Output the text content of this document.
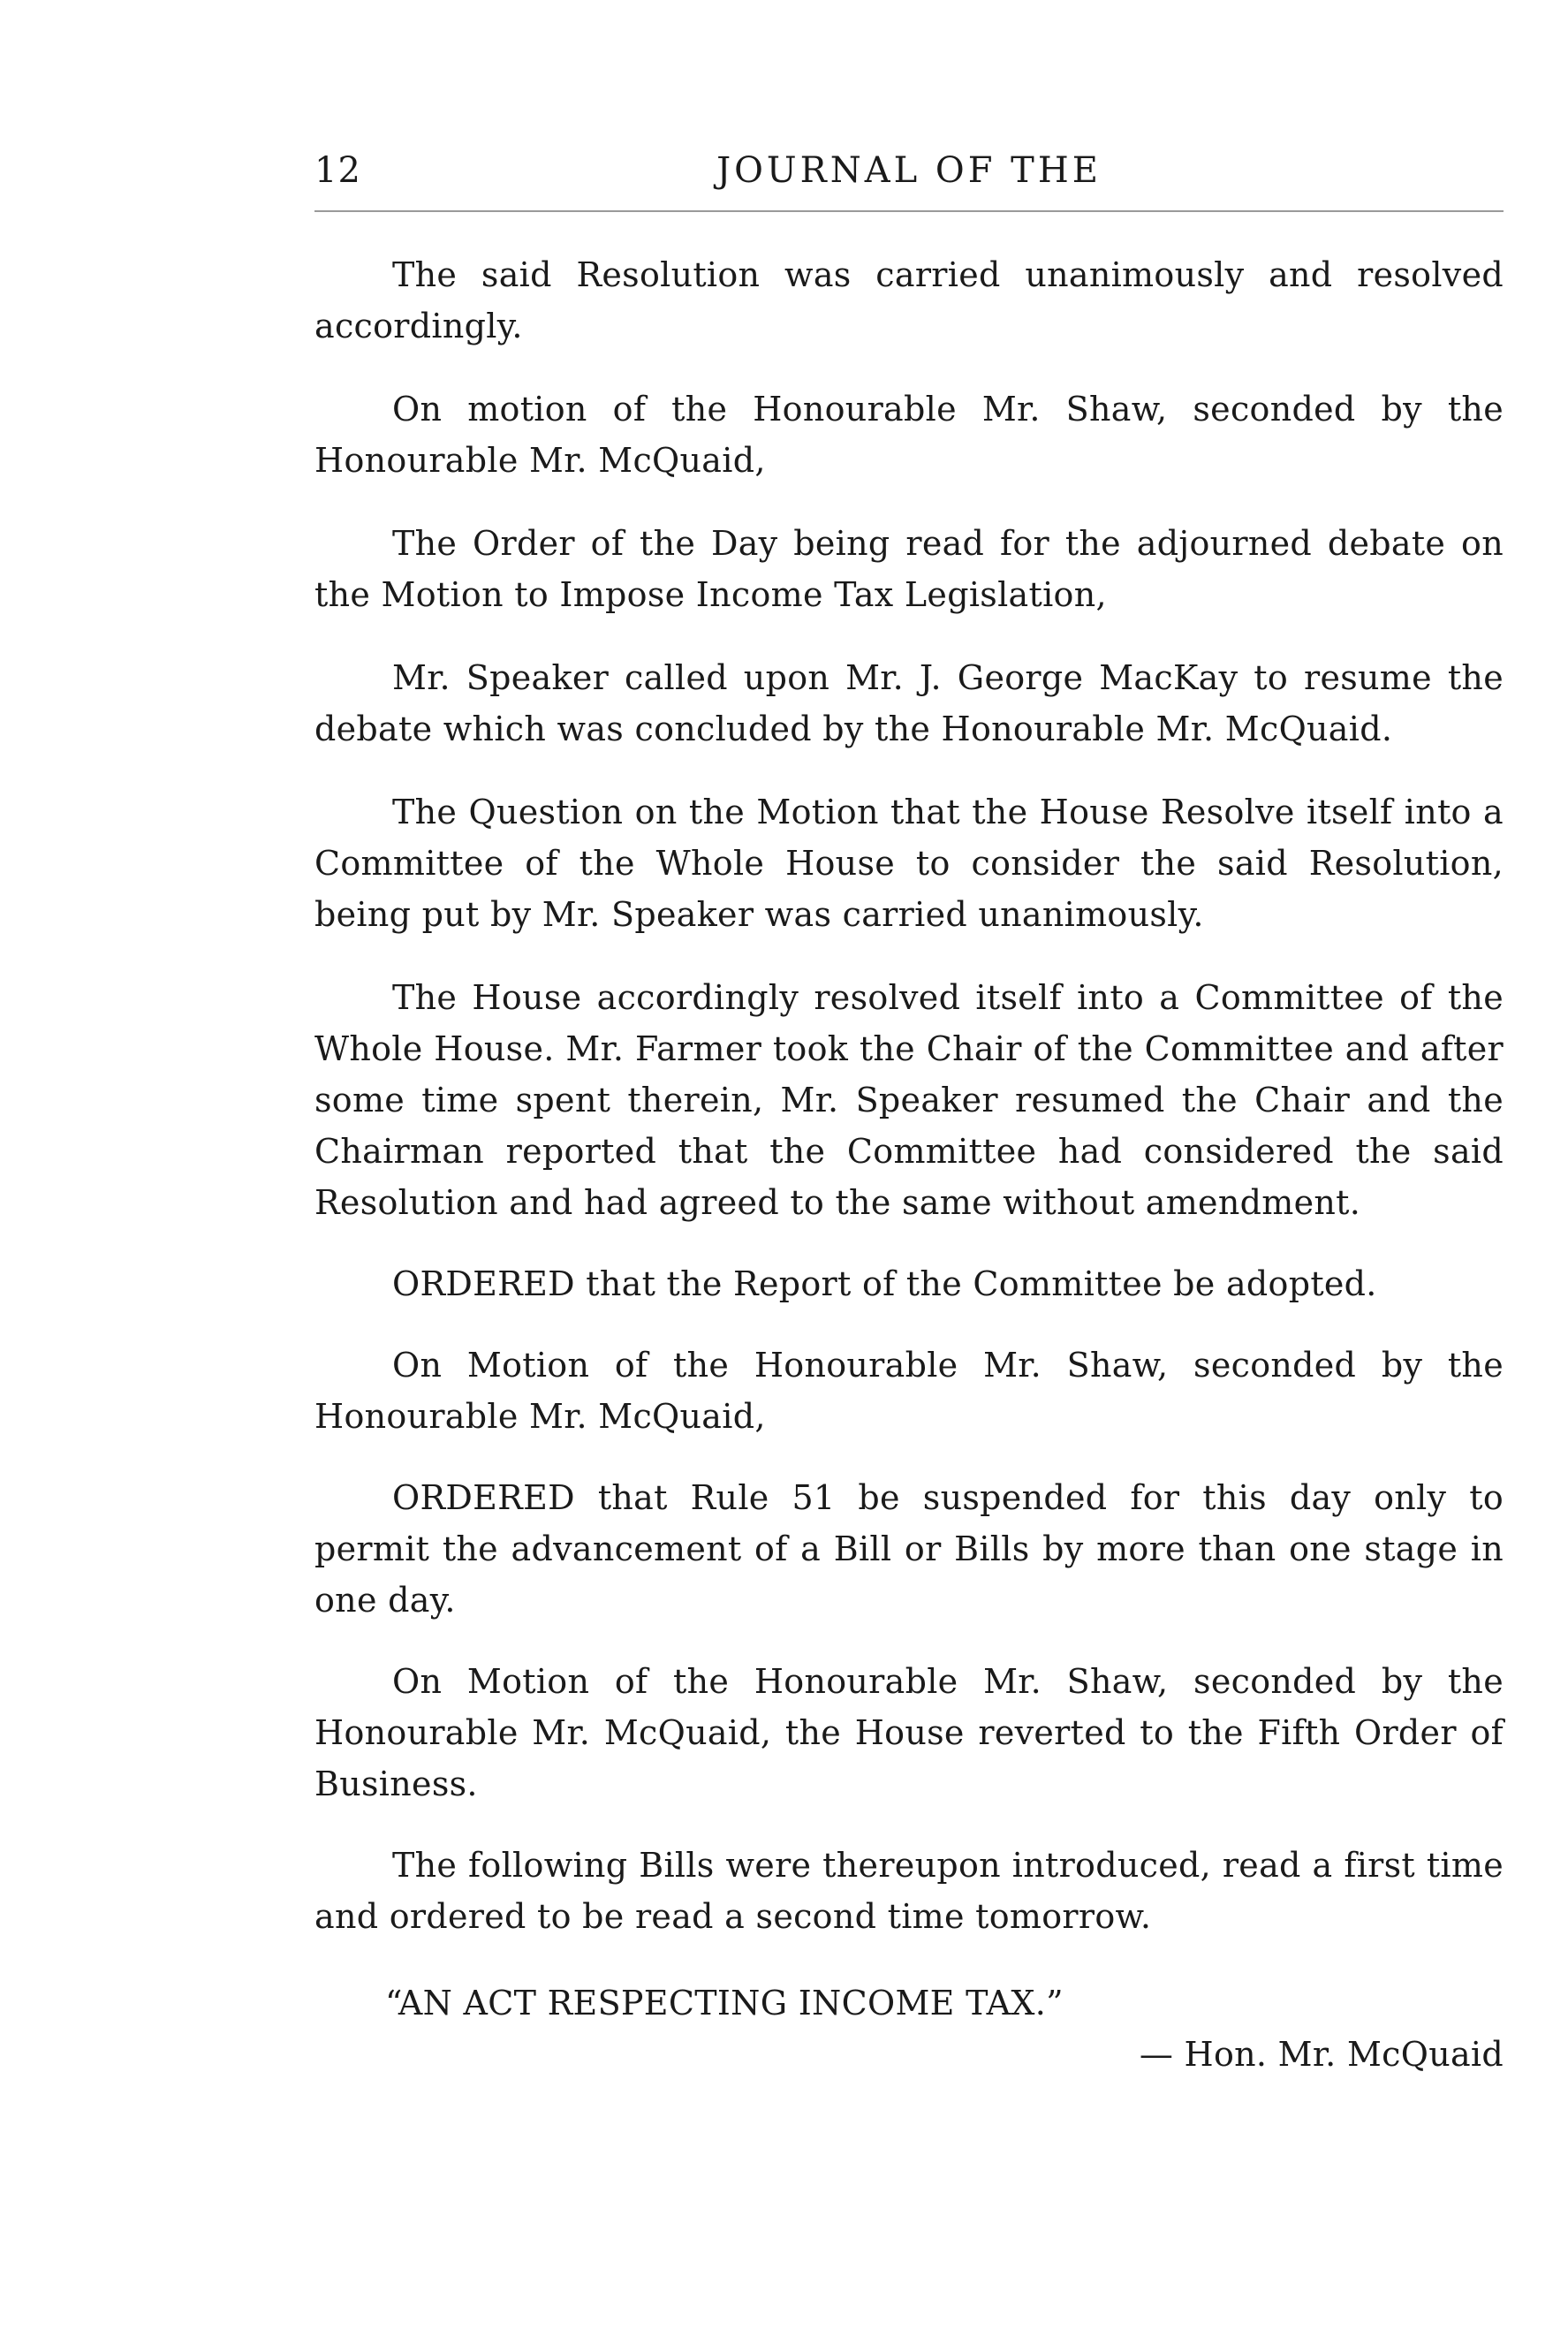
12	JOURNAL OF THE

The said Resolution was carried unanimously and resolved accordingly.

On motion of the Honourable Mr. Shaw, seconded by the Honourable Mr. McQuaid,

The Order of the Day being read for the adjourned debate on the Motion to Impose Income Tax Legislation,

Mr. Speaker called upon Mr. J. George MacKay to resume the debate which was concluded by the Honourable Mr. McQuaid.

The Question on the Motion that the House Resolve itself into a Committee of the Whole House to consider the said Resolution, being put by Mr. Speaker was carried unanimously.

The House accordingly resolved itself into a Committee of the Whole House. Mr. Farmer took the Chair of the Committee and after some time spent therein, Mr. Speaker resumed the Chair and the Chairman reported that the Committee had considered the said Resolution and had agreed to the same without amendment.

ORDERED that the Report of the Committee be adopted.

On Motion of the Honourable Mr. Shaw, seconded by the Honourable Mr. McQuaid,

ORDERED that Rule 51 be suspended for this day only to permit the advancement of a Bill or Bills by more than one stage in one day.

On Motion of the Honourable Mr. Shaw, seconded by the Honourable Mr. McQuaid, the House reverted to the Fifth Order of Business.

The following Bills were thereupon introduced, read a first time and ordered to be read a second time tomorrow.

“AN ACT RESPECTING INCOME TAX.”

— Hon. Mr. McQuaid
